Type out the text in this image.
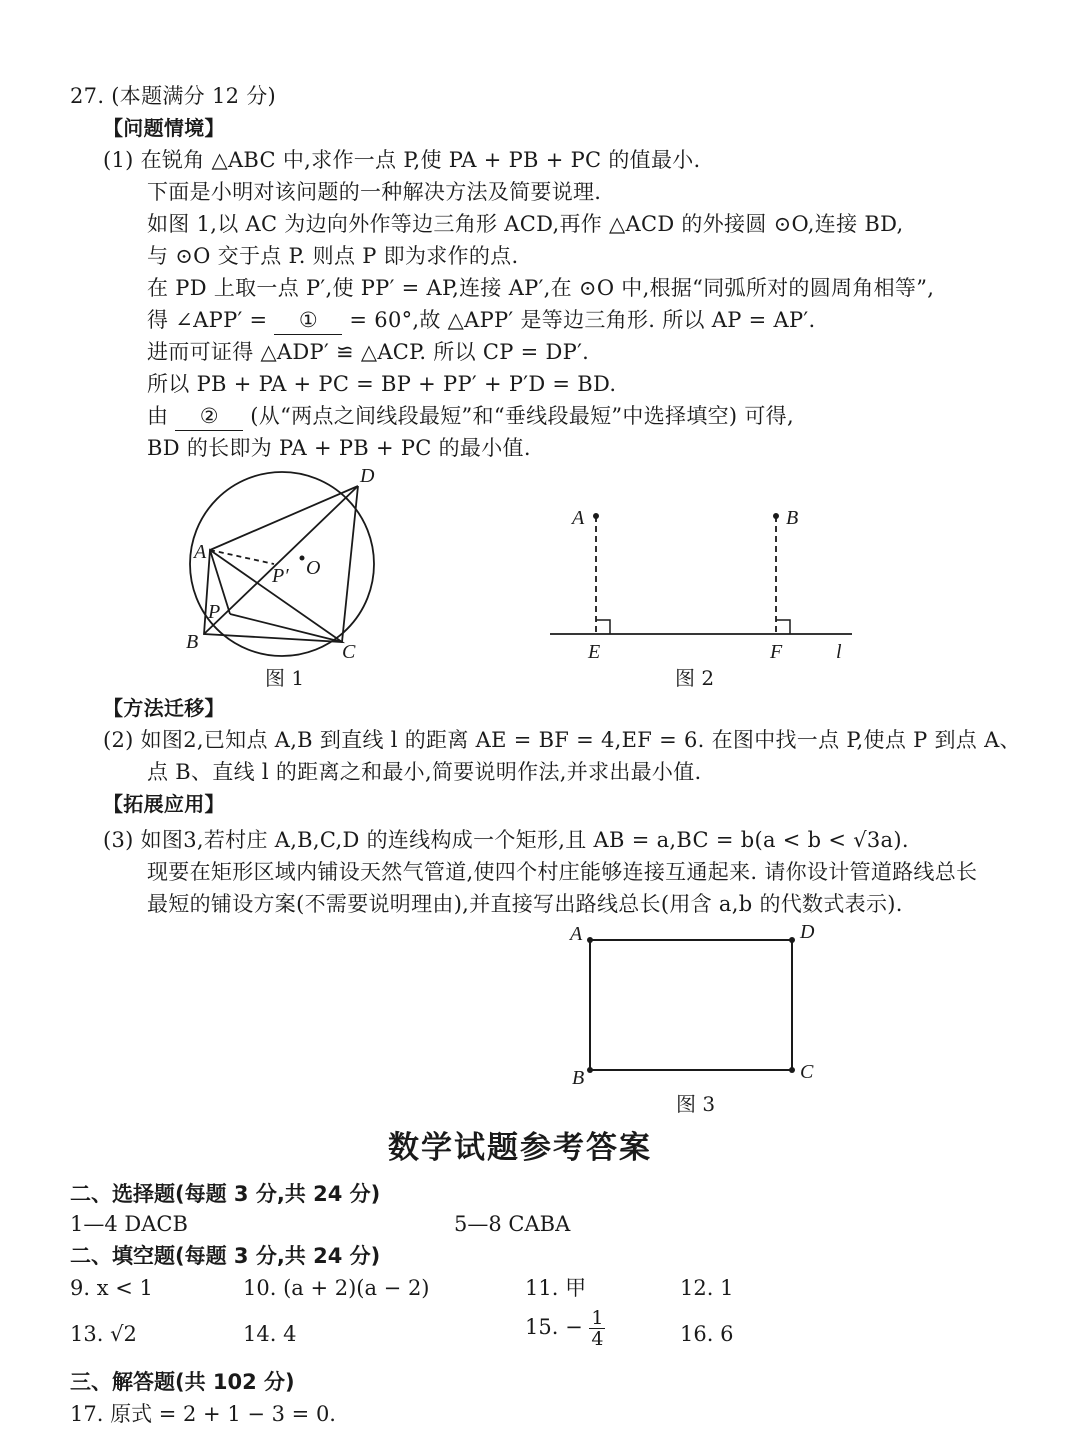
27. (本题满分 12 分)
【问题情境】
(1) 在锐角 △ABC 中,求作一点 P,使 PA + PB + PC 的值最小.
下面是小明对该问题的一种解决方法及简要说理.
如图 1,以 AC 为边向外作等边三角形 ACD,再作 △ACD 的外接圆 ⊙O,连接 BD,
与 ⊙O 交于点 P. 则点 P 即为求作的点.
在 PD 上取一点 P′,使 PP′ = AP,连接 AP′,在 ⊙O 中,根据“同弧所对的圆周角相等”,
得 ∠APP′ = ① = 60°,故 △APP′ 是等边三角形. 所以 AP = AP′.
进而可证得 △ADP′ ≌ △ACP. 所以 CP = DP′.
所以 PB + PA + PC = BP + PP′ + P′D = BD.
由 ② (从“两点之间线段最短”和“垂线段最短”中选择填空) 可得,
BD 的长即为 PA + PB + PC 的最小值.
A
B	C
D
P
P′ O
图 1
A	B
E	F	l
图 2
【方法迁移】
(2) 如图2,已知点 A,B 到直线 l 的距离 AE = BF = 4,EF = 6. 在图中找一点 P,使点 P 到点 A、
点 B、直线 l 的距离之和最小,简要说明作法,并求出最小值.
【拓展应用】
(3) 如图3,若村庄 A,B,C,D 的连线构成一个矩形,且 AB = a,BC = b(a < b < √3a).
现要在矩形区域内铺设天然气管道,使四个村庄能够连接互通起来. 请你设计管道路线总长
最短的铺设方案(不需要说明理由),并直接写出路线总长(用含 a,b 的代数式表示).
A	D
B	C
图 3
数学试题参考答案
二、选择题(每题 3 分,共 24 分)
1—4 DACB	5—8 CABA
二、填空题(每题 3 分,共 24 分)
9. x < 1	10. (a + 2)(a − 2)	11. 甲	12. 1
13. √2	14. 4	15. − $\frac{1}{4}$	16. 6
三、解答题(共 102 分)
17. 原式 = 2 + 1 − 3 = 0.
